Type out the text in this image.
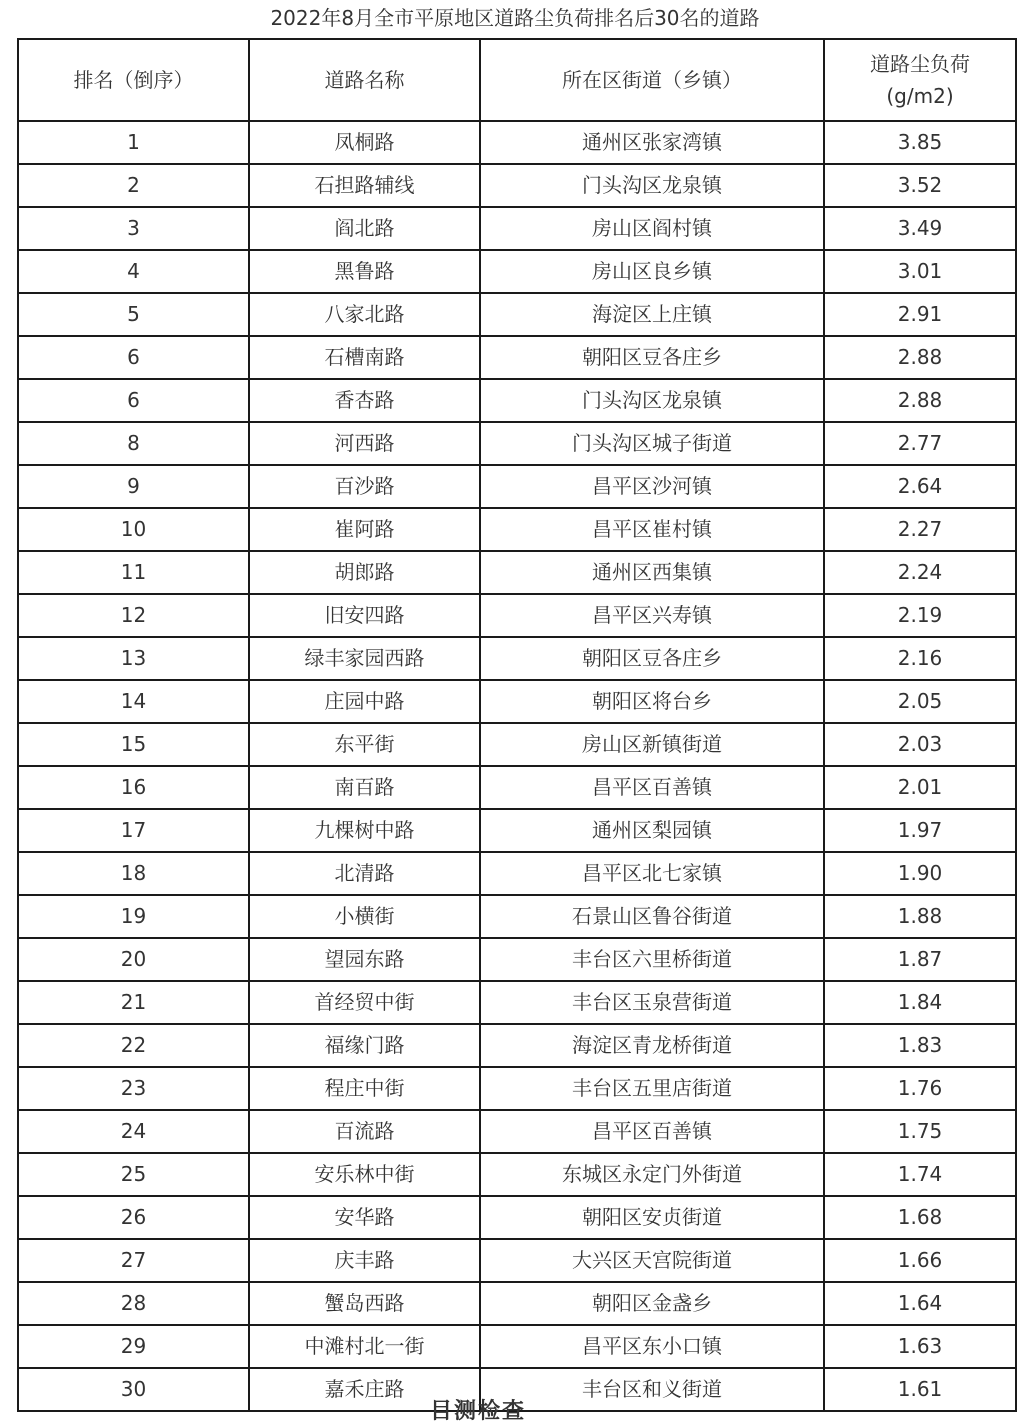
2022年8月全市平原地区道路尘负荷排名后30名的道路
排名（倒序）	道路名称	所在区街道（乡镇）	道路尘负荷
(g/m2)

1	凤桐路	通州区张家湾镇	3.85
2	石担路辅线	门头沟区龙泉镇	3.52
3	阎北路	房山区阎村镇	3.49
4	黑鲁路	房山区良乡镇	3.01
5	八家北路	海淀区上庄镇	2.91
6	石槽南路	朝阳区豆各庄乡	2.88
6	香杏路	门头沟区龙泉镇	2.88
8	河西路	门头沟区城子街道	2.77
9	百沙路	昌平区沙河镇	2.64
10	崔阿路	昌平区崔村镇	2.27
11	胡郎路	通州区西集镇	2.24
12	旧安四路	昌平区兴寿镇	2.19
13	绿丰家园西路	朝阳区豆各庄乡	2.16
14	庄园中路	朝阳区将台乡	2.05
15	东平街	房山区新镇街道	2.03
16	南百路	昌平区百善镇	2.01
17	九棵树中路	通州区梨园镇	1.97
18	北清路	昌平区北七家镇	1.90
19	小横街	石景山区鲁谷街道	1.88
20	望园东路	丰台区六里桥街道	1.87
21	首经贸中街	丰台区玉泉营街道	1.84
22	福缘门路	海淀区青龙桥街道	1.83
23	程庄中街	丰台区五里店街道	1.76
24	百流路	昌平区百善镇	1.75
25	安乐林中街	东城区永定门外街道	1.74
26	安华路	朝阳区安贞街道	1.68
27	庆丰路	大兴区天宫院街道	1.66
28	蟹岛西路	朝阳区金盏乡	1.64
29	中滩村北一街	昌平区东小口镇	1.63
30	嘉禾庄路	丰台区和义街道	1.61
目测检查
